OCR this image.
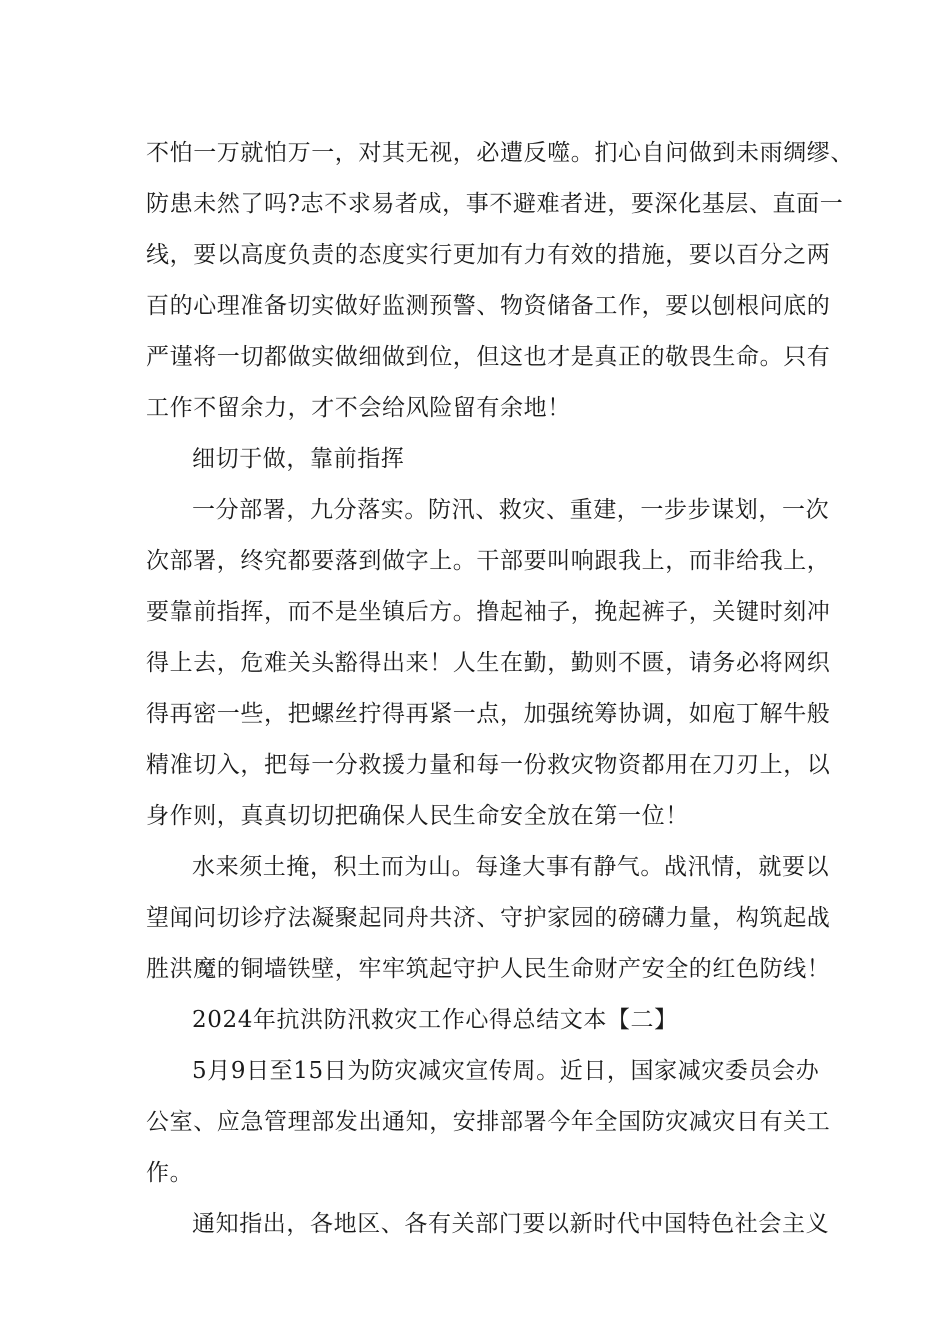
不怕一万就怕万一，对其无视，必遭反噬。扪心自问做到未雨绸缪、
防患未然了吗?志不求易者成，事不避难者进，要深化基层、直面一
线，要以高度负责的态度实行更加有力有效的措施，要以百分之两
百的心理准备切实做好监测预警、物资储备工作，要以刨根问底的
严谨将一切都做实做细做到位，但这也才是真正的敬畏生命。只有
工作不留余力，才不会给风险留有余地！

细切于做，靠前指挥

一分部署，九分落实。防汛、救灾、重建，一步步谋划，一次
次部署，终究都要落到做字上。干部要叫响跟我上，而非给我上，
要靠前指挥，而不是坐镇后方。撸起袖子，挽起裤子，关键时刻冲
得上去，危难关头豁得出来！人生在勤，勤则不匮，请务必将网织
得再密一些，把螺丝拧得再紧一点，加强统筹协调，如庖丁解牛般
精准切入，把每一分救援力量和每一份救灾物资都用在刀刃上，以
身作则，真真切切把确保人民生命安全放在第一位！

水来须土掩，积土而为山。每逢大事有静气。战汛情，就要以
望闻问切诊疗法凝聚起同舟共济、守护家园的磅礴力量，构筑起战
胜洪魔的铜墙铁壁，牢牢筑起守护人民生命财产安全的红色防线！

2024年抗洪防汛救灾工作心得总结文本【二】

5月9日至15日为防灾减灾宣传周。近日，国家减灾委员会办
公室、应急管理部发出通知，安排部署今年全国防灾减灾日有关工
作。

通知指出，各地区、各有关部门要以新时代中国特色社会主义
